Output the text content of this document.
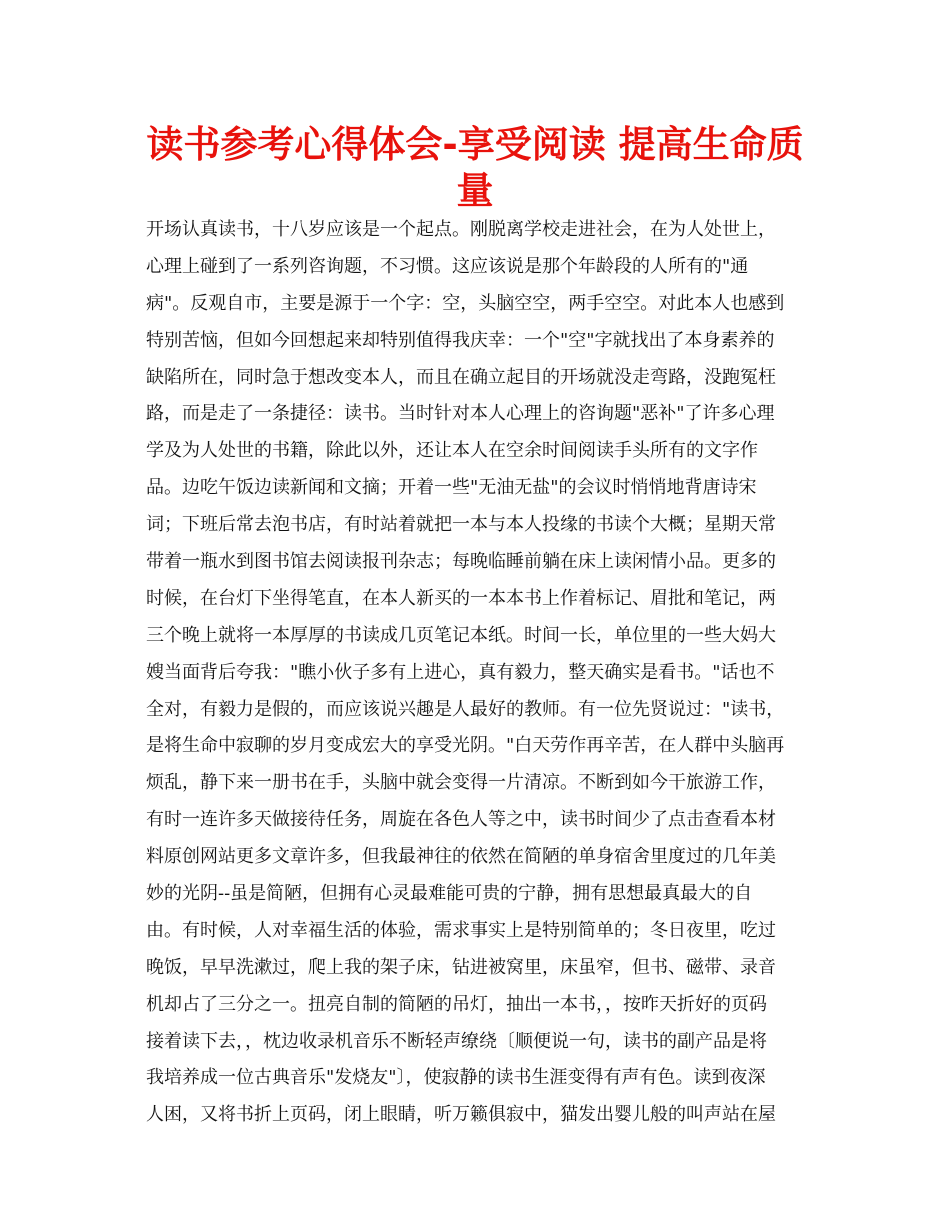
读书参考心得体会-享受阅读 提高生命质量
开场认真读书，十八岁应该是一个起点。刚脱离学校走进社会，在为人处世上，
心理上碰到了一系列咨询题，不习惯。这应该说是那个年龄段的人所有的"通
病"。反观自市，主要是源于一个字：空，头脑空空，两手空空。对此本人也感到
特别苦恼，但如今回想起来却特别值得我庆幸：一个"空"字就找出了本身素养的
缺陷所在，同时急于想改变本人，而且在确立起目的开场就没走弯路，没跑冤枉
路，而是走了一条捷径：读书。当时针对本人心理上的咨询题"恶补"了许多心理
学及为人处世的书籍，除此以外，还让本人在空余时间阅读手头所有的文字作
品。边吃午饭边读新闻和文摘；开着一些"无油无盐"的会议时悄悄地背唐诗宋
词；下班后常去泡书店，有时站着就把一本与本人投缘的书读个大概；星期天常
带着一瓶水到图书馆去阅读报刊杂志；每晚临睡前躺在床上读闲情小品。更多的
时候，在台灯下坐得笔直，在本人新买的一本本书上作着标记、眉批和笔记，两
三个晚上就将一本厚厚的书读成几页笔记本纸。时间一长，单位里的一些大妈大
嫂当面背后夸我："瞧小伙子多有上进心，真有毅力，整天确实是看书。"话也不
全对，有毅力是假的，而应该说兴趣是人最好的教师。有一位先贤说过："读书，
是将生命中寂聊的岁月变成宏大的享受光阴。"白天劳作再辛苦，在人群中头脑再
烦乱，静下来一册书在手，头脑中就会变得一片清凉。不断到如今干旅游工作，
有时一连许多天做接待任务，周旋在各色人等之中，读书时间少了点击查看本材
料原创网站更多文章许多，但我最神往的依然在简陋的单身宿舍里度过的几年美
妙的光阴--虽是简陋，但拥有心灵最难能可贵的宁静，拥有思想最真最大的自
由。有时候，人对幸福生活的体验，需求事实上是特别简单的；冬日夜里，吃过
晚饭，早早洗漱过，爬上我的架子床，钻进被窝里，床虽窄，但书、磁带、录音
机却占了三分之一。扭亮自制的简陋的吊灯，抽出一本书，，按昨天折好的页码
接着读下去，，枕边收录机音乐不断轻声缭绕〔顺便说一句，读书的副产品是将
我培养成一位古典音乐"发烧友"〕，使寂静的读书生涯变得有声有色。读到夜深
人困，又将书折上页码，闭上眼睛，听万籁俱寂中，猫发出婴儿般的叫声站在屋
